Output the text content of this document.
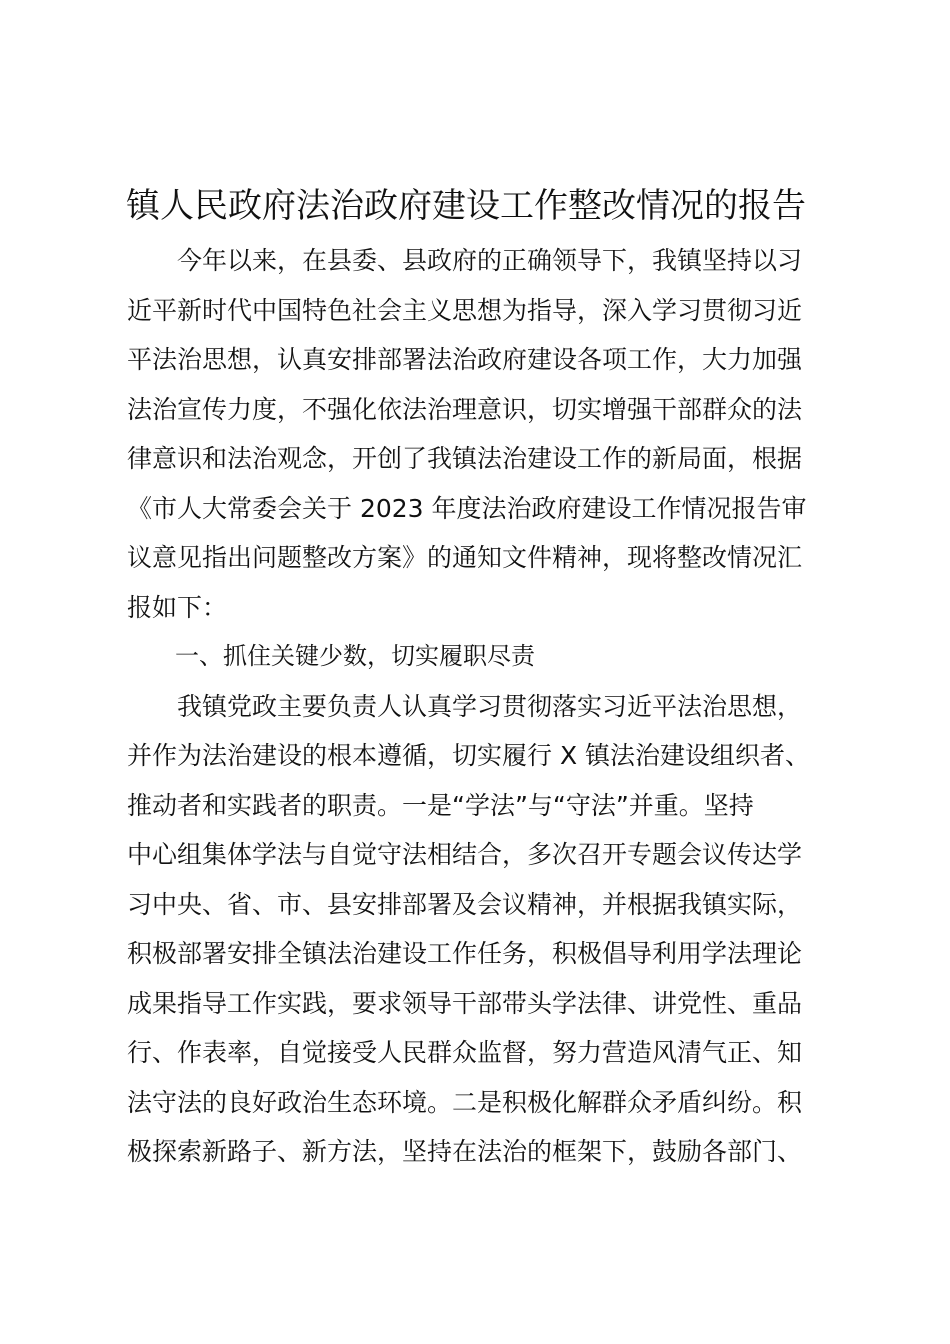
镇人民政府法治政府建设工作整改情况的报告
　　今年以来，在县委、县政府的正确领导下，我镇坚持以习
近平新时代中国特色社会主义思想为指导，深入学习贯彻习近
平法治思想，认真安排部署法治政府建设各项工作，大力加强
法治宣传力度，不强化依法治理意识，切实增强干部群众的法
律意识和法治观念，开创了我镇法治建设工作的新局面，根据
《市人大常委会关于 2023 年度法治政府建设工作情况报告审
议意见指出问题整改方案》的通知文件精神，现将整改情况汇
报如下：
　　一、抓住关键少数，切实履职尽责
　　我镇党政主要负责人认真学习贯彻落实习近平法治思想，
并作为法治建设的根本遵循，切实履行 X 镇法治建设组织者、
推动者和实践者的职责。一是“学法”与“守法”并重。坚持
中心组集体学法与自觉守法相结合，多次召开专题会议传达学
习中央、省、市、县安排部署及会议精神，并根据我镇实际，
积极部署安排全镇法治建设工作任务，积极倡导利用学法理论
成果指导工作实践，要求领导干部带头学法律、讲党性、重品
行、作表率，自觉接受人民群众监督，努力营造风清气正、知
法守法的良好政治生态环境。二是积极化解群众矛盾纠纷。积
极探索新路子、新方法，坚持在法治的框架下，鼓励各部门、
